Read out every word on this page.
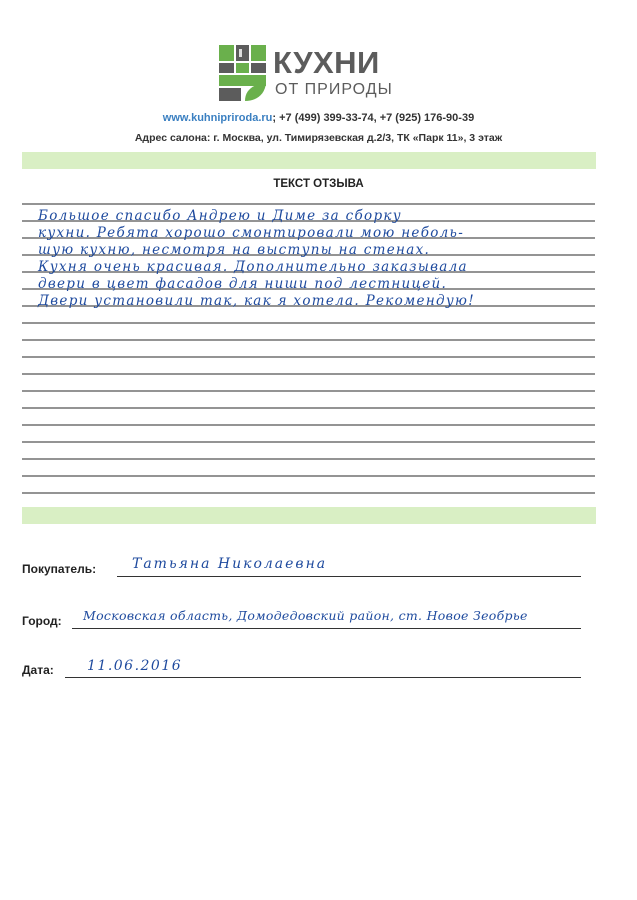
КУХНИ
ОТ ПРИРОДЫ
www.kuhnipriroda.ru; +7 (499) 399-33-74, +7 (925) 176-90-39
Адрес салона: г. Москва, ул. Тимирязевская д.2/3, ТК «Парк 11», 3 этаж
ТЕКСТ ОТЗЫВА
Большое спасибо Андрею и Диме за сборку
кухни. Ребята хорошо смонтировали мою неболь-
шую кухню, несмотря на выступы на стенах.
Кухня очень красивая. Дополнительно заказывала
двери в цвет фасадов для ниши под лестницей.
Двери установили так, как я хотела. Рекомендую!
Покупатель:	Татьяна Николаевна
Город: Московская область, Домодедовский район, ст. Новое Зеобрье
Дата: 11.06.2016
